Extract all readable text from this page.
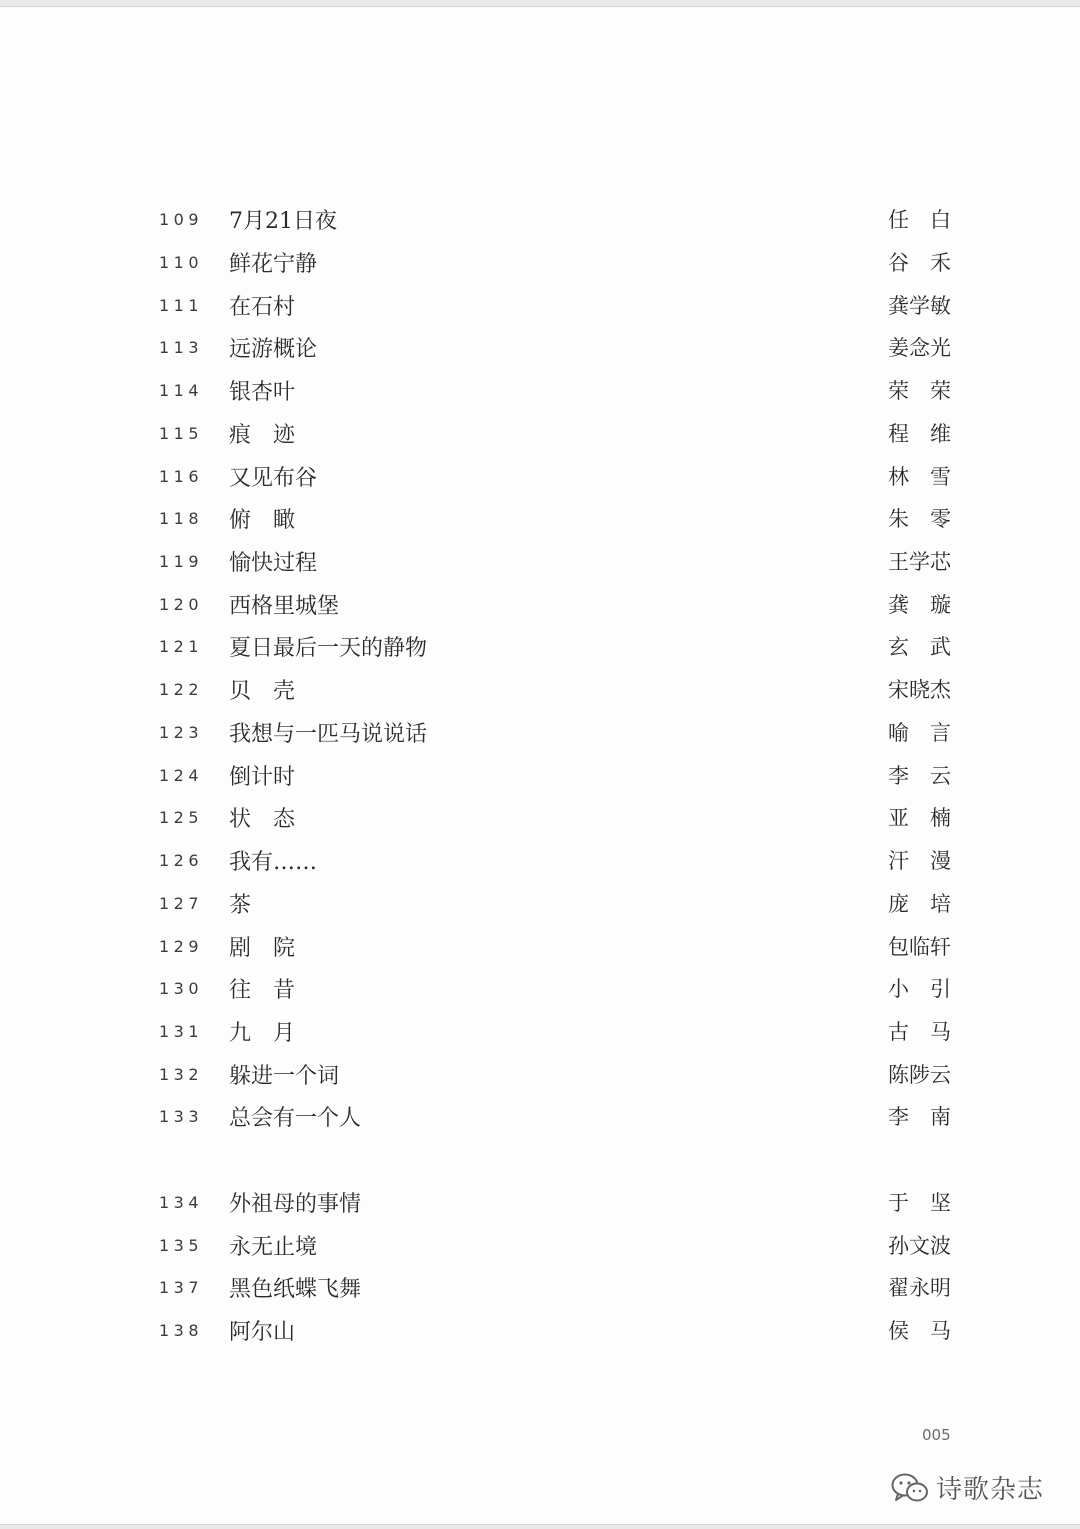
109 7月21日夜	任　白
110 鲜花宁静	谷　禾
111 在石村	龚学敏
113 远游概论	姜念光
114 银杏叶	荣　荣
115 痕　迹	程　维
116 又见布谷	林　雪
118 俯　瞰	朱　零
119 愉快过程	王学芯
120 西格里城堡	龚　璇
121 夏日最后一天的静物	玄　武
122 贝　壳	宋晓杰
123 我想与一匹马说说话	喻　言
124 倒计时	李　云
125 状　态	亚　楠
126 我有……	汗　漫
127 茶	庞　培
129 剧　院	包临轩
130 往　昔	小　引
131 九　月	古　马
132 躲进一个词	陈陟云
133 总会有一个人	李　南
134 外祖母的事情	于　坚
135 永无止境	孙文波
137 黑色纸蝶飞舞	翟永明
138 阿尔山	侯　马
005
诗歌杂志
